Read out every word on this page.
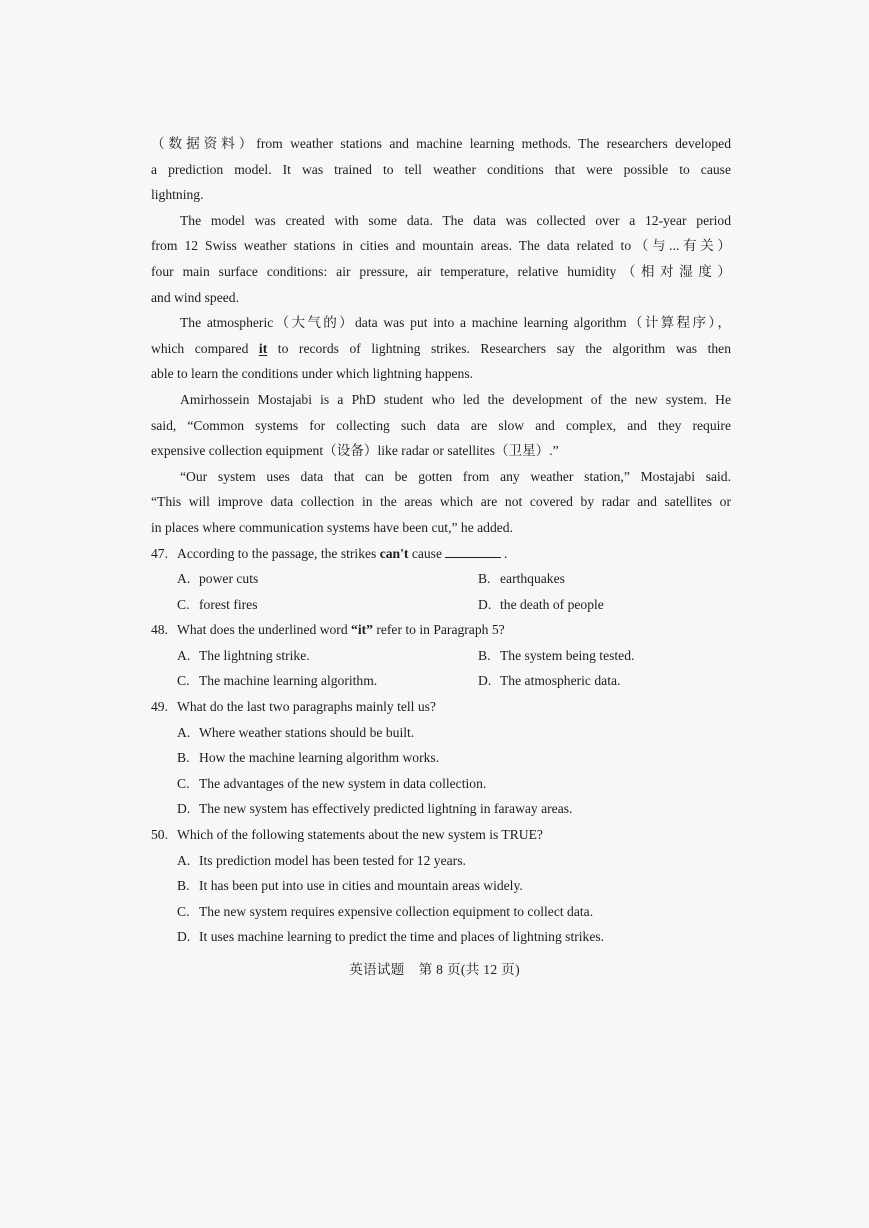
（数据资料）from weather stations and machine learning methods. The researchers developed
a prediction model. It was trained to tell weather conditions that were possible to cause
lightning.
The model was created with some data. The data was collected over a 12-year period
from 12 Swiss weather stations in cities and mountain areas. The data related to（与...有关）
four main surface conditions: air pressure, air temperature, relative humidity（相对湿度）
and wind speed.
The atmospheric（大气的）data was put into a machine learning algorithm（计算程序），
which compared it to records of lightning strikes. Researchers say the algorithm was then
able to learn the conditions under which lightning happens.
Amirhossein Mostajabi is a PhD student who led the development of the new system. He
said, “Common systems for collecting such data are slow and complex, and they require
expensive collection equipment（设备）like radar or satellites（卫星）.”
“Our system uses data that can be gotten from any weather station,” Mostajabi said.
“This will improve data collection in the areas which are not covered by radar and satellites or
in places where communication systems have been cut,” he added.
47. According to the passage, the strikes can't cause	.
A. power cuts	B. earthquakes
C. forest fires	D. the death of people
48. What does the underlined word “it” refer to in Paragraph 5?
A. The lightning strike.	B. The system being tested.
C. The machine learning algorithm.	D. The atmospheric data.
49. What do the last two paragraphs mainly tell us?
A. Where weather stations should be built.
B. How the machine learning algorithm works.
C. The advantages of the new system in data collection.
D. The new system has effectively predicted lightning in faraway areas.
50. Which of the following statements about the new system is TRUE?
A. Its prediction model has been tested for 12 years.
B. It has been put into use in cities and mountain areas widely.
C. The new system requires expensive collection equipment to collect data.
D. It uses machine learning to predict the time and places of lightning strikes.
英语试题　第 8 页(共 12 页)
